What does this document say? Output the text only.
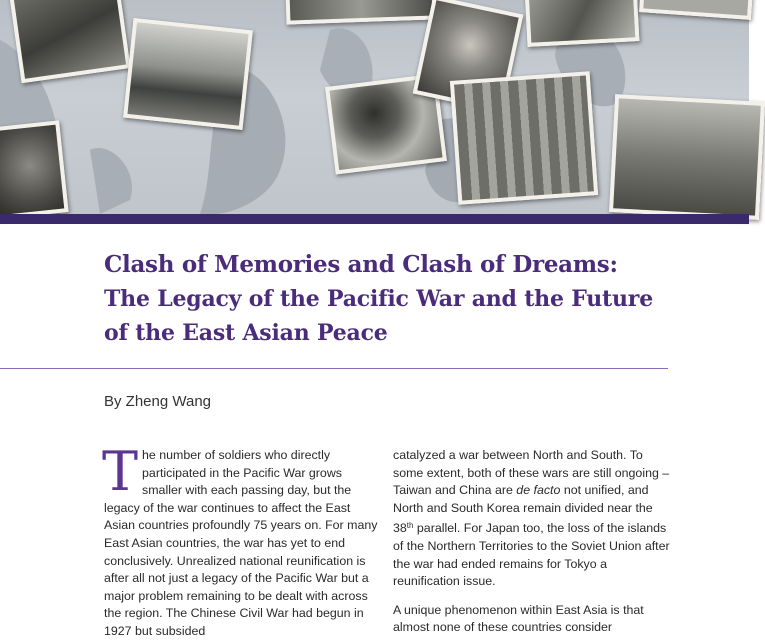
Clash of Memories and Clash of Dreams:
The Legacy of the Pacific War and the Future
of the East Asian Peace
By Zheng Wang

The number of soldiers who directly participated in the Pacific War grows smaller with each passing day, but the legacy of the war continues to affect the East Asian countries profoundly 75 years on. For many East Asian countries, the war has yet to end conclusively. Unrealized national reunification is after all not just a legacy of the Pacific War but a major problem remaining to be dealt with across the region. The Chinese Civil War had begun in 1927 but subsided

catalyzed a war between North and South. To some extent, both of these wars are still ongoing – Taiwan and China are de facto not unified, and North and South Korea remain divided near the 38th parallel. For Japan too, the loss of the islands of the Northern Territories to the Soviet Union after the war had ended remains for Tokyo a reunification issue.

A unique phenomenon within East Asia is that almost none of these countries consider
